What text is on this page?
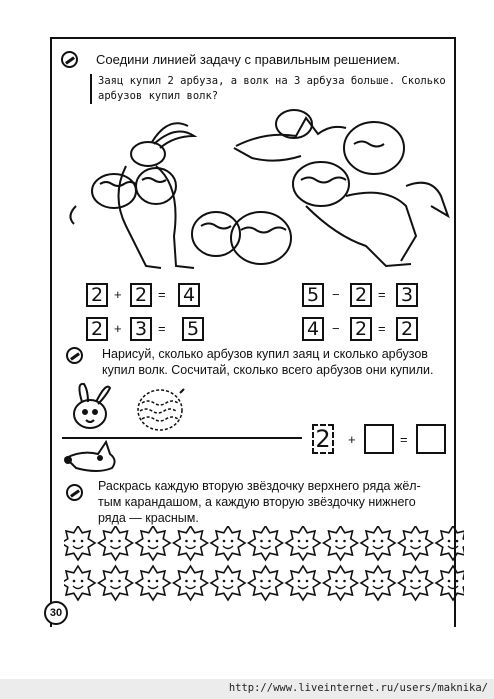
Соедини линией задачу с правильным решением.
Заяц купил 2 арбуза, а волк на 3 арбуза больше. Сколько
арбузов купил волк?
2 + 2 = 4
2 + 3 = 5
5 − 2 = 3
4 − 2 = 2
Нарисуй, сколько арбузов купил заяц и сколько арбузов
купил волк. Сосчитай, сколько всего арбузов они купили.
2 +	=
Раскрась каждую вторую звёздочку верхнего ряда жёл-
тым карандашом, а каждую вторую звёздочку нижнего
ряда — красным.
30
http://www.liveinternet.ru/users/maknika/
